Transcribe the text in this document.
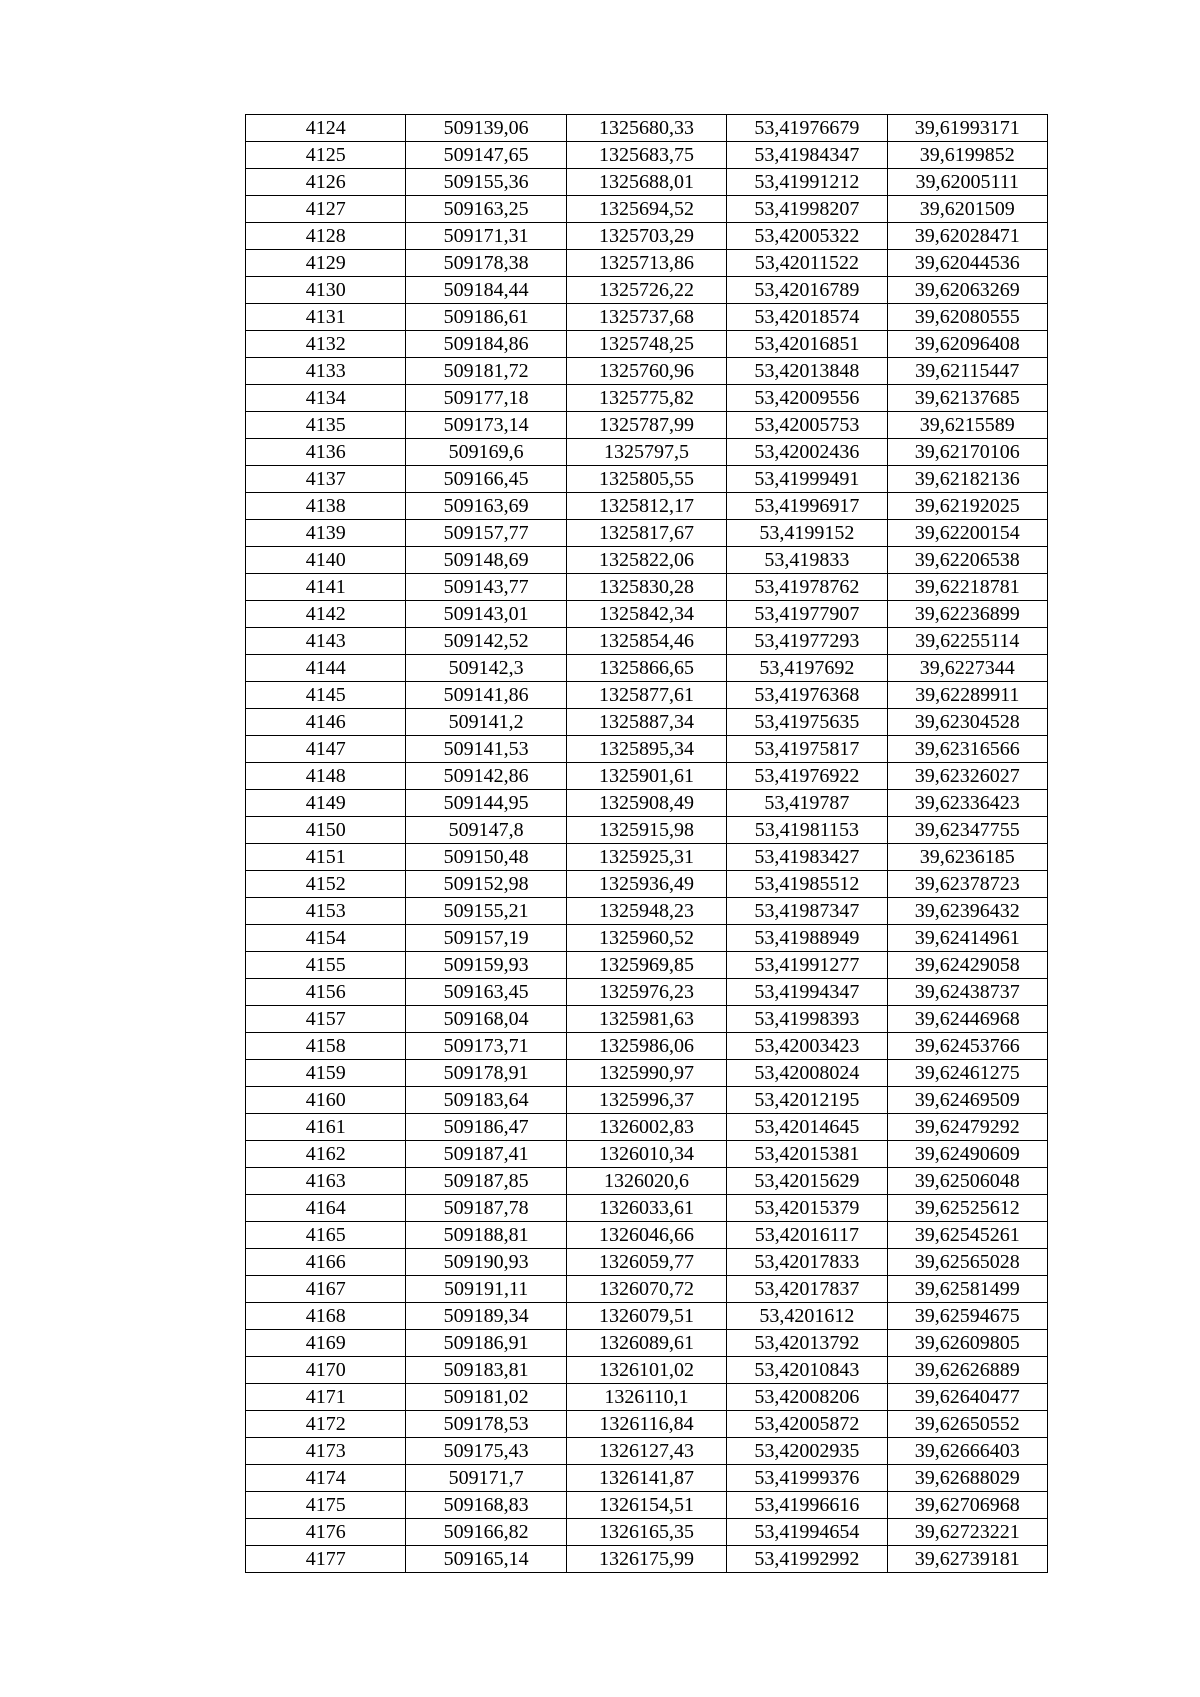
4124	509139,06	1325680,33	53,41976679	39,61993171
4125	509147,65	1325683,75	53,41984347	39,6199852
4126	509155,36	1325688,01	53,41991212	39,62005111
4127	509163,25	1325694,52	53,41998207	39,6201509
4128	509171,31	1325703,29	53,42005322	39,62028471
4129	509178,38	1325713,86	53,42011522	39,62044536
4130	509184,44	1325726,22	53,42016789	39,62063269
4131	509186,61	1325737,68	53,42018574	39,62080555
4132	509184,86	1325748,25	53,42016851	39,62096408
4133	509181,72	1325760,96	53,42013848	39,62115447
4134	509177,18	1325775,82	53,42009556	39,62137685
4135	509173,14	1325787,99	53,42005753	39,6215589
4136	509169,6	1325797,5	53,42002436	39,62170106
4137	509166,45	1325805,55	53,41999491	39,62182136
4138	509163,69	1325812,17	53,41996917	39,62192025
4139	509157,77	1325817,67	53,4199152	39,62200154
4140	509148,69	1325822,06	53,419833	39,62206538
4141	509143,77	1325830,28	53,41978762	39,62218781
4142	509143,01	1325842,34	53,41977907	39,62236899
4143	509142,52	1325854,46	53,41977293	39,62255114
4144	509142,3	1325866,65	53,4197692	39,6227344
4145	509141,86	1325877,61	53,41976368	39,62289911
4146	509141,2	1325887,34	53,41975635	39,62304528
4147	509141,53	1325895,34	53,41975817	39,62316566
4148	509142,86	1325901,61	53,41976922	39,62326027
4149	509144,95	1325908,49	53,419787	39,62336423
4150	509147,8	1325915,98	53,41981153	39,62347755
4151	509150,48	1325925,31	53,41983427	39,6236185
4152	509152,98	1325936,49	53,41985512	39,62378723
4153	509155,21	1325948,23	53,41987347	39,62396432
4154	509157,19	1325960,52	53,41988949	39,62414961
4155	509159,93	1325969,85	53,41991277	39,62429058
4156	509163,45	1325976,23	53,41994347	39,62438737
4157	509168,04	1325981,63	53,41998393	39,62446968
4158	509173,71	1325986,06	53,42003423	39,62453766
4159	509178,91	1325990,97	53,42008024	39,62461275
4160	509183,64	1325996,37	53,42012195	39,62469509
4161	509186,47	1326002,83	53,42014645	39,62479292
4162	509187,41	1326010,34	53,42015381	39,62490609
4163	509187,85	1326020,6	53,42015629	39,62506048
4164	509187,78	1326033,61	53,42015379	39,62525612
4165	509188,81	1326046,66	53,42016117	39,62545261
4166	509190,93	1326059,77	53,42017833	39,62565028
4167	509191,11	1326070,72	53,42017837	39,62581499
4168	509189,34	1326079,51	53,4201612	39,62594675
4169	509186,91	1326089,61	53,42013792	39,62609805
4170	509183,81	1326101,02	53,42010843	39,62626889
4171	509181,02	1326110,1	53,42008206	39,62640477
4172	509178,53	1326116,84	53,42005872	39,62650552
4173	509175,43	1326127,43	53,42002935	39,62666403
4174	509171,7	1326141,87	53,41999376	39,62688029
4175	509168,83	1326154,51	53,41996616	39,62706968
4176	509166,82	1326165,35	53,41994654	39,62723221
4177	509165,14	1326175,99	53,41992992	39,62739181
